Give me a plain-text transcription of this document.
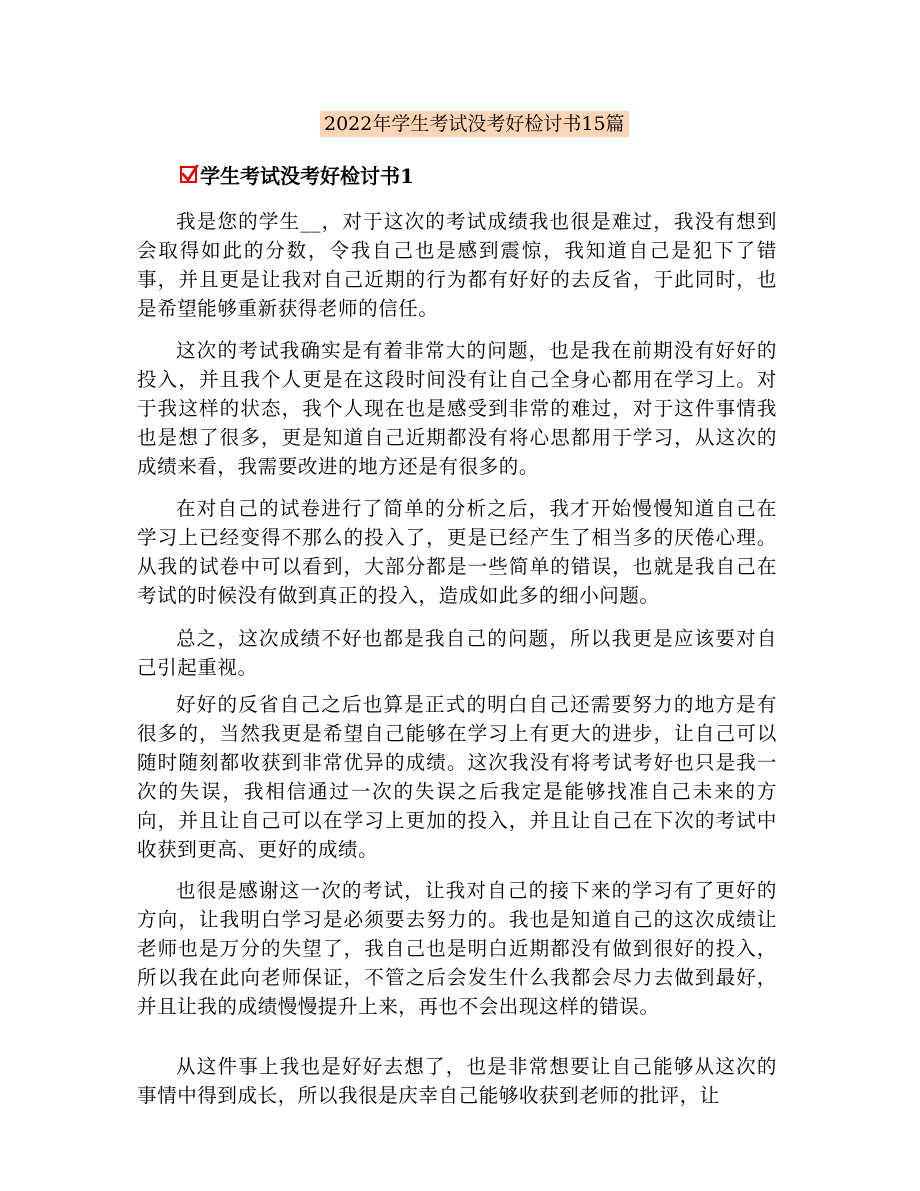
2022年学生考试没考好检讨书15篇
学生考试没考好检讨书1

我是您的学生__，对于这次的考试成绩我也很是难过，我没有想到会取得如此的分数，令我自己也是感到震惊，我知道自己是犯下了错事，并且更是让我对自己近期的行为都有好好的去反省，于此同时，也是希望能够重新获得老师的信任。

这次的考试我确实是有着非常大的问题，也是我在前期没有好好的投入，并且我个人更是在这段时间没有让自己全身心都用在学习上。对于我这样的状态，我个人现在也是感受到非常的难过，对于这件事情我也是想了很多，更是知道自己近期都没有将心思都用于学习，从这次的成绩来看，我需要改进的地方还是有很多的。

在对自己的试卷进行了简单的分析之后，我才开始慢慢知道自己在学习上已经变得不那么的投入了，更是已经产生了相当多的厌倦心理。从我的试卷中可以看到，大部分都是一些简单的错误，也就是我自己在考试的时候没有做到真正的投入，造成如此多的细小问题。

总之，这次成绩不好也都是我自己的问题，所以我更是应该要对自己引起重视。

好好的反省自己之后也算是正式的明白自己还需要努力的地方是有很多的，当然我更是希望自己能够在学习上有更大的进步，让自己可以随时随刻都收获到非常优异的成绩。这次我没有将考试考好也只是我一次的失误，我相信通过一次的失误之后我定是能够找准自己未来的方向，并且让自己可以在学习上更加的投入，并且让自己在下次的考试中收获到更高、更好的成绩。

也很是感谢这一次的考试，让我对自己的接下来的学习有了更好的方向，让我明白学习是必须要去努力的。我也是知道自己的这次成绩让老师也是万分的失望了，我自己也是明白近期都没有做到很好的投入，所以我在此向老师保证，不管之后会发生什么我都会尽力去做到最好，并且让我的成绩慢慢提升上来，再也不会出现这样的错误。

从这件事上我也是好好去想了，也是非常想要让自己能够从这次的事情中得到成长，所以我很是庆幸自己能够收获到老师的批评，让
